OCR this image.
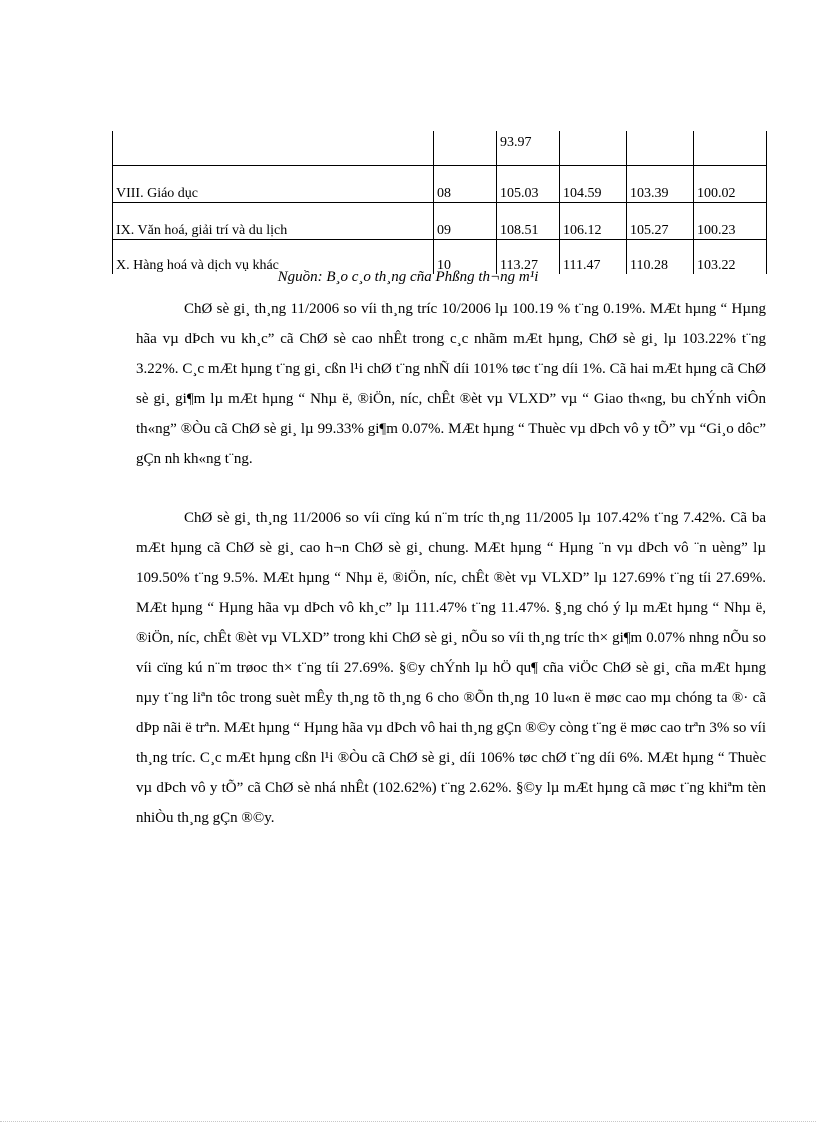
		93.97			
VIII. Giáo dục	08	105.03	104.59	103.39	100.02
IX. Văn hoá, giải trí và du lịch	09	108.51	106.12	105.27	100.23
X. Hàng hoá và dịch vụ khác	10	113.27	111.47	110.28	103.22
Nguồn: B¸o c¸o th¸ng cña Phßng th¬ng m¹i

ChØ sè gi¸ th¸ng 11/2006 so víi th¸ng tríc 10/2006 lµ 100.19 % t¨ng 0.19%. MÆt hµng “ Hµng hãa vµ dÞch vu kh¸c” cã ChØ sè cao nhÊt trong c¸c nhãm mÆt hµng, ChØ sè gi¸ lµ 103.22% t¨ng 3.22%. C¸c mÆt hµng t¨ng gi¸ cßn l¹i chØ t¨ng nhÑ díi 101% tøc t¨ng díi 1%. Cã hai mÆt hµng cã ChØ sè gi¸ gi¶m lµ mÆt hµng “ Nhµ ë, ®iÖn, níc, chÊt ®èt vµ VLXD” vµ “ Giao th«ng, bu chÝnh viÔn th«ng” ®Òu cã ChØ sè gi¸ lµ 99.33% gi¶m 0.07%. MÆt hµng “ Thuèc vµ dÞch vô y tÕ” vµ “Gi¸o dôc” gÇn nh kh«ng t¨ng.

ChØ sè gi¸ th¸ng 11/2006 so víi cïng kú n¨m tríc th¸ng 11/2005 lµ 107.42% t¨ng 7.42%. Cã ba mÆt hµng cã ChØ sè gi¸ cao h¬n ChØ sè gi¸ chung. MÆt hµng “ Hµng ¨n vµ dÞch vô ¨n uèng” lµ 109.50% t¨ng 9.5%. MÆt hµng “ Nhµ ë, ®iÖn, níc, chÊt ®èt vµ VLXD” lµ 127.69% t¨ng tíi 27.69%. MÆt hµng “ Hµng hãa vµ dÞch vô kh¸c” lµ 111.47% t¨ng 11.47%. §¸ng chó ý lµ mÆt hµng “ Nhµ ë, ®iÖn, níc, chÊt ®èt vµ VLXD” trong khi ChØ sè gi¸ nÕu so víi th¸ng tríc th× gi¶m 0.07% nhng nÕu so víi cïng kú n¨m trøoc th× t¨ng tíi 27.69%. §©y chÝnh lµ hÖ qu¶ cña viÖc ChØ sè gi¸ cña mÆt hµng nµy t¨ng liªn tôc trong suèt mÊy th¸ng tõ th¸ng 6 cho ®Õn th¸ng 10 lu«n ë møc cao mµ chóng ta ®· cã dÞp nãi ë trªn. MÆt hµng “ Hµng hãa vµ dÞch vô hai th¸ng gÇn ®©y còng t¨ng ë møc cao trªn 3% so víi th¸ng tríc. C¸c mÆt hµng cßn l¹i ®Òu cã ChØ sè gi¸ díi 106% tøc chØ t¨ng díi 6%. MÆt hµng “ Thuèc vµ dÞch vô y tÕ” cã ChØ sè nhá nhÊt (102.62%) t¨ng 2.62%. §©y lµ mÆt hµng cã møc t¨ng khiªm tèn nhiÒu th¸ng gÇn ®©y.
